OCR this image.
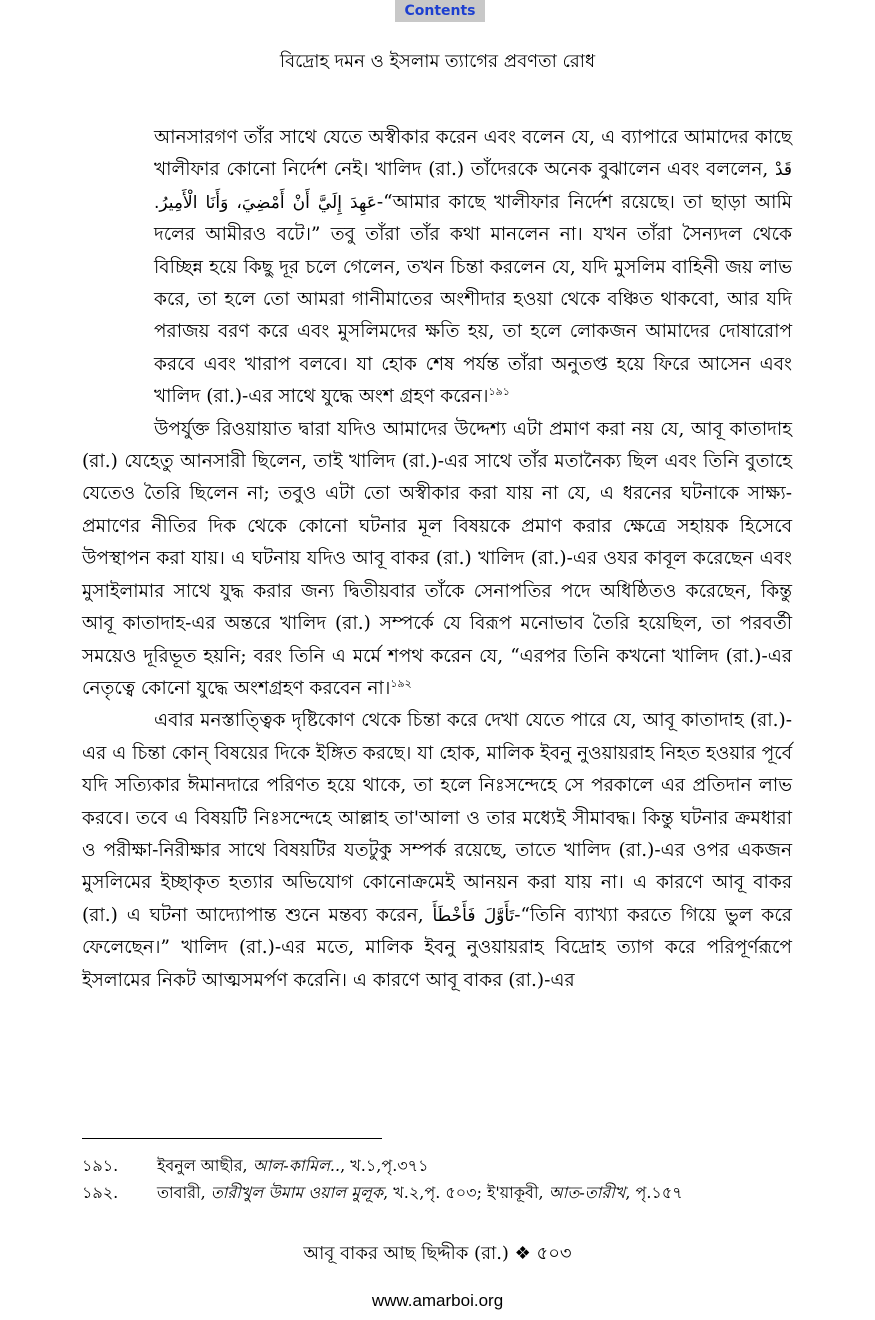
Contents
বিদ্রোহ দমন ও ইসলাম ত্যাগের প্রবণতা রোধ

আনসারগণ তাঁর সাথে যেতে অস্বীকার করেন এবং বলেন যে, এ ব্যাপারে আমাদের কাছে খালীফার কোনো নির্দেশ নেই। খালিদ (রা.) তাঁদেরকে অনেক বুঝালেন এবং বললেন, قَدْ عَهِدَ إِلَيَّ أَنْ أَمْضِيَ، وَأَنَا الْأَمِيرُ.-“আমার কাছে খালীফার নির্দেশ রয়েছে। তা ছাড়া আমি দলের আমীরও বটে।” তবু তাঁরা তাঁর কথা মানলেন না। যখন তাঁরা সৈন্যদল থেকে বিচ্ছিন্ন হয়ে কিছু দূর চলে গেলেন, তখন চিন্তা করলেন যে, যদি মুসলিম বাহিনী জয় লাভ করে, তা হলে তো আমরা গানীমাতের অংশীদার হওয়া থেকে বঞ্চিত থাকবো, আর যদি পরাজয় বরণ করে এবং মুসলিমদের ক্ষতি হয়, তা হলে লোকজন আমাদের দোষারোপ করবে এবং খারাপ বলবে। যা হোক শেষ পর্যন্ত তাঁরা অনুতপ্ত হয়ে ফিরে আসেন এবং খালিদ (রা.)-এর সাথে যুদ্ধে অংশ গ্রহণ করেন।$^{১৯১}$

উপর্যুক্ত রিওয়ায়াত দ্বারা যদিও আমাদের উদ্দেশ্য এটা প্রমাণ করা নয় যে, আবূ কাতাদাহ (রা.) যেহেতু আনসারী ছিলেন, তাই খালিদ (রা.)-এর সাথে তাঁর মতানৈক্য ছিল এবং তিনি বুতাহে যেতেও তৈরি ছিলেন না; তবুও এটা তো অস্বীকার করা যায় না যে, এ ধরনের ঘটনাকে সাক্ষ্য-প্রমাণের নীতির দিক থেকে কোনো ঘটনার মূল বিষয়কে প্রমাণ করার ক্ষেত্রে সহায়ক হিসেবে উপস্থাপন করা যায়। এ ঘটনায় যদিও আবূ বাকর (রা.) খালিদ (রা.)-এর ওযর কাবূল করেছেন এবং মুসাইলামার সাথে যুদ্ধ করার জন্য দ্বিতীয়বার তাঁকে সেনাপতির পদে অধিষ্ঠিতও করেছেন, কিন্তু আবূ কাতাদাহ-এর অন্তরে খালিদ (রা.) সম্পর্কে যে বিরূপ মনোভাব তৈরি হয়েছিল, তা পরবর্তী সময়েও দূরিভূত হয়নি; বরং তিনি এ মর্মে শপথ করেন যে, “এরপর তিনি কখনো খালিদ (রা.)-এর নেতৃত্বে কোনো যুদ্ধে অংশগ্রহণ করবেন না।$^{১৯২}$

এবার মনস্তাত্ত্বিক দৃষ্টিকোণ থেকে চিন্তা করে দেখা যেতে পারে যে, আবূ কাতাদাহ (রা.)-এর এ চিন্তা কোন্ বিষয়ের দিকে ইঙ্গিত করছে। যা হোক, মালিক ইবনু নুওয়ায়রাহ নিহত হওয়ার পূর্বে যদি সত্যিকার ঈমানদারে পরিণত হয়ে থাকে, তা হলে নিঃসন্দেহে সে পরকালে এর প্রতিদান লাভ করবে। তবে এ বিষয়টি নিঃসন্দেহে আল্লাহ তা'আলা ও তার মধ্যেই সীমাবদ্ধ। কিন্তু ঘটনার ক্রমধারা ও পরীক্ষা-নিরীক্ষার সাথে বিষয়টির যতটুকু সম্পর্ক রয়েছে, তাতে খালিদ (রা.)-এর ওপর একজন মুসলিমের ইচ্ছাকৃত হত্যার অভিযোগ কোনোক্রমেই আনয়ন করা যায় না। এ কারণে আবূ বাকর (রা.) এ ঘটনা আদ্যোপান্ত শুনে মন্তব্য করেন, تَأَوَّلَ فَأَخْطَأَ-“তিনি ব্যাখ্যা করতে গিয়ে ভুল করে ফেলেছেন।” খালিদ (রা.)-এর মতে, মালিক ইবনু নুওয়ায়রাহ বিদ্রোহ ত্যাগ করে পরিপূর্ণরূপে ইসলামের নিকট আত্মসমর্পণ করেনি। এ কারণে আবূ বাকর (রা.)-এর

১৯১.	ইবনুল আছীর, আল-কামিল.., খ.১,পৃ.৩৭১
১৯২.	তাবারী, তারীখুল উমাম ওয়াল মুলূক, খ.২,পৃ. ৫০৩; ই'য়াকূবী, আত-তারীখ, পৃ.১৫৭
আবূ বাকর আছ ছিদ্দীক (রা.) ❖ ৫০৩
www.amarboi.org
